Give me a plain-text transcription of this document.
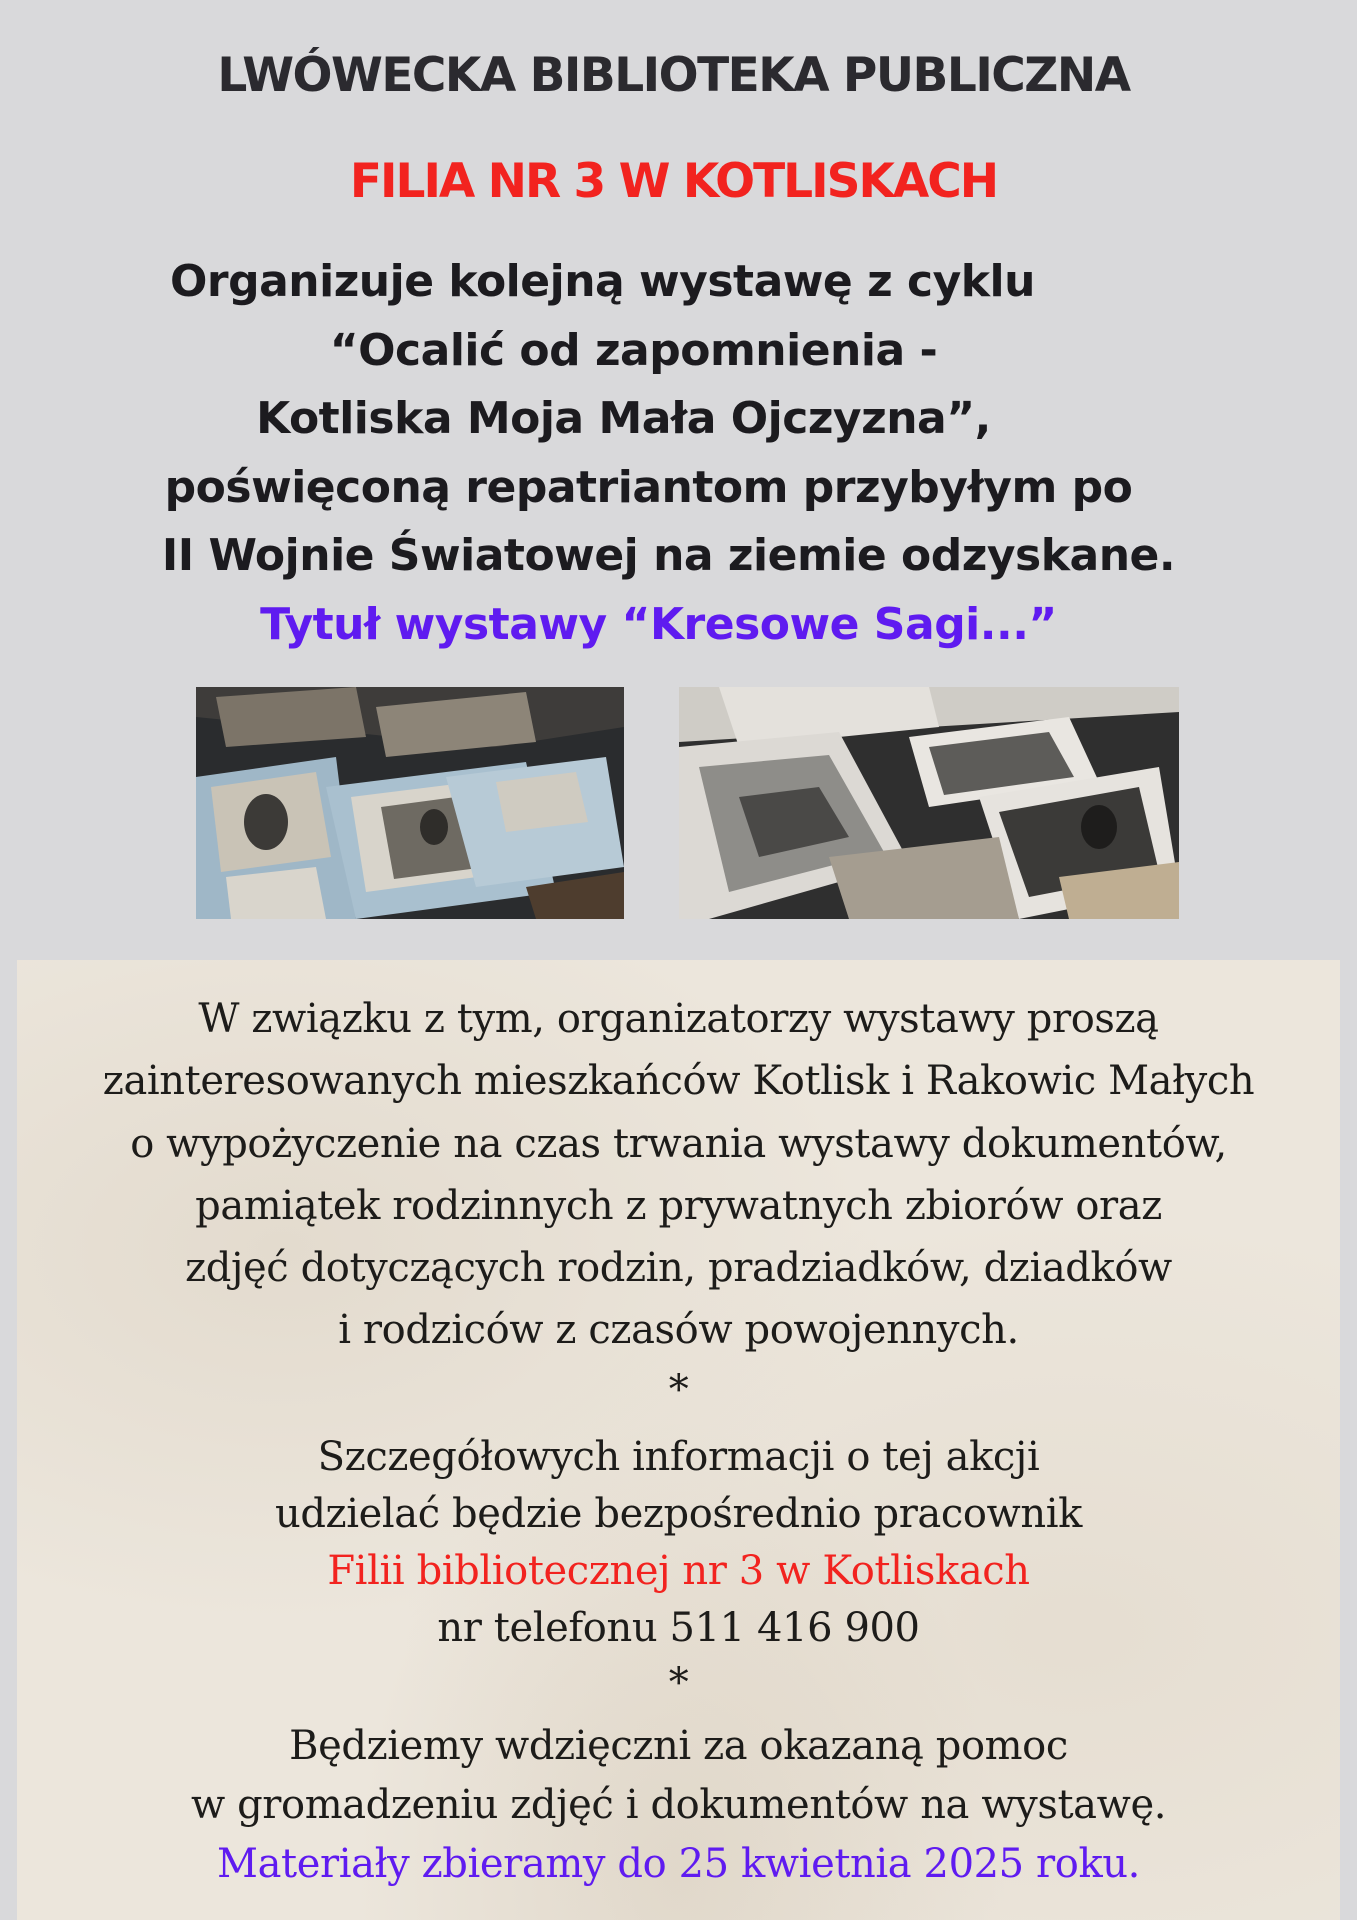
LWÓWECKA BIBLIOTEKA PUBLICZNA
FILIA NR 3 W KOTLISKACH
Organizuje kolejną wystawę z cyklu
“Ocalić od zapomnienia -
Kotliska Moja Mała Ojczyzna”,
poświęconą repatriantom przybyłym po
II Wojnie Światowej na ziemie odzyskane.
Tytuł wystawy “Kresowe Sagi...”
W związku z tym, organizatorzy wystawy proszą
zainteresowanych mieszkańców Kotlisk i Rakowic Małych
o wypożyczenie na czas trwania wystawy dokumentów,
pamiątek rodzinnych z prywatnych zbiorów oraz
zdjęć dotyczących rodzin, pradziadków, dziadków
i rodziców z czasów powojennych.
*
Szczegółowych informacji o tej akcji
udzielać będzie bezpośrednio pracownik
Filii bibliotecznej nr 3 w Kotliskach
nr telefonu 511 416 900
*
Będziemy wdzięczni za okazaną pomoc
w gromadzeniu zdjęć i dokumentów na wystawę.
Materiały zbieramy do 25 kwietnia 2025 roku.
